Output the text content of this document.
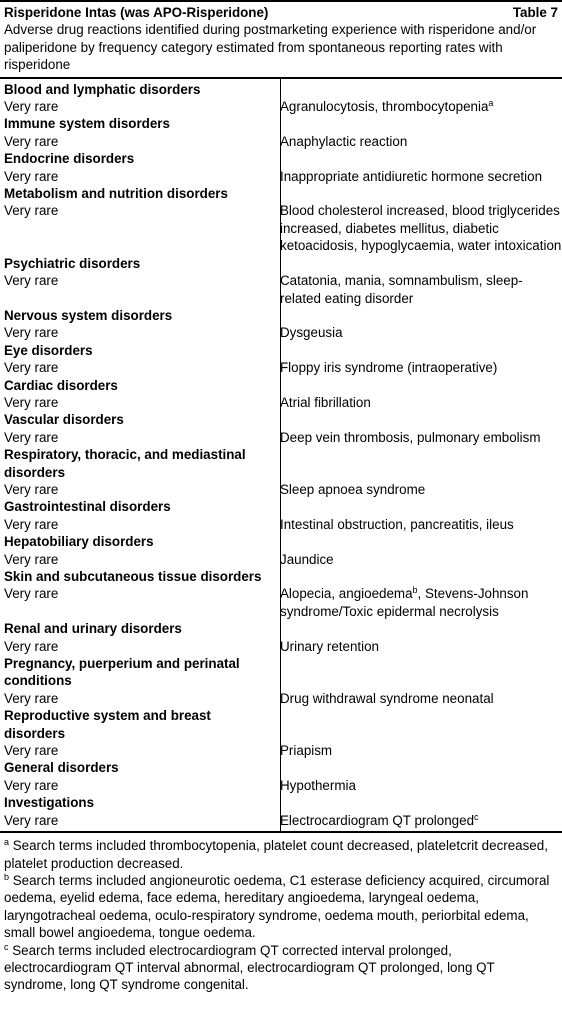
Risperidone Intas (was APO-Risperidone)	Table 7
Adverse drug reactions identified during postmarketing experience with risperidone and/or paliperidone by frequency category estimated from spontaneous reporting rates with risperidone
Blood and lymphatic disorders
Very rare	Agranulocytosis, thrombocytopenia$^a$
Immune system disorders
Very rare	Anaphylactic reaction
Endocrine disorders
Very rare	Inappropriate antidiuretic hormone secretion
Metabolism and nutrition disorders
Very rare	Blood cholesterol increased, blood triglycerides increased, diabetes mellitus, diabetic ketoacidosis, hypoglycaemia, water intoxication
Psychiatric disorders
Very rare	Catatonia, mania, somnambulism, sleep-related eating disorder
Nervous system disorders
Very rare	Dysgeusia
Eye disorders
Very rare	Floppy iris syndrome (intraoperative)
Cardiac disorders
Very rare	Atrial fibrillation
Vascular disorders
Very rare	Deep vein thrombosis, pulmonary embolism
Respiratory, thoracic, and mediastinal disorders
Very rare	Sleep apnoea syndrome
Gastrointestinal disorders
Very rare	Intestinal obstruction, pancreatitis, ileus
Hepatobiliary disorders
Very rare	Jaundice
Skin and subcutaneous tissue disorders
Very rare	Alopecia, angioedema$^b$, Stevens-Johnson syndrome/Toxic epidermal necrolysis
Renal and urinary disorders
Very rare	Urinary retention
Pregnancy, puerperium and perinatal conditions
Very rare	Drug withdrawal syndrome neonatal
Reproductive system and breast disorders
Very rare	Priapism
General disorders
Very rare	Hypothermia
Investigations
Very rare	Electrocardiogram QT prolonged$^c$

$^a$ Search terms included thrombocytopenia, platelet count decreased, plateletcrit decreased, platelet production decreased.

$^b$ Search terms included angioneurotic oedema, C1 esterase deficiency acquired, circumoral oedema, eyelid edema, face edema, hereditary angioedema, laryngeal oedema, laryngotracheal oedema, oculo-respiratory syndrome, oedema mouth, periorbital edema, small bowel angioedema, tongue oedema.

$^c$ Search terms included electrocardiogram QT corrected interval prolonged, electrocardiogram QT interval abnormal, electrocardiogram QT prolonged, long QT syndrome, long QT syndrome congenital.
